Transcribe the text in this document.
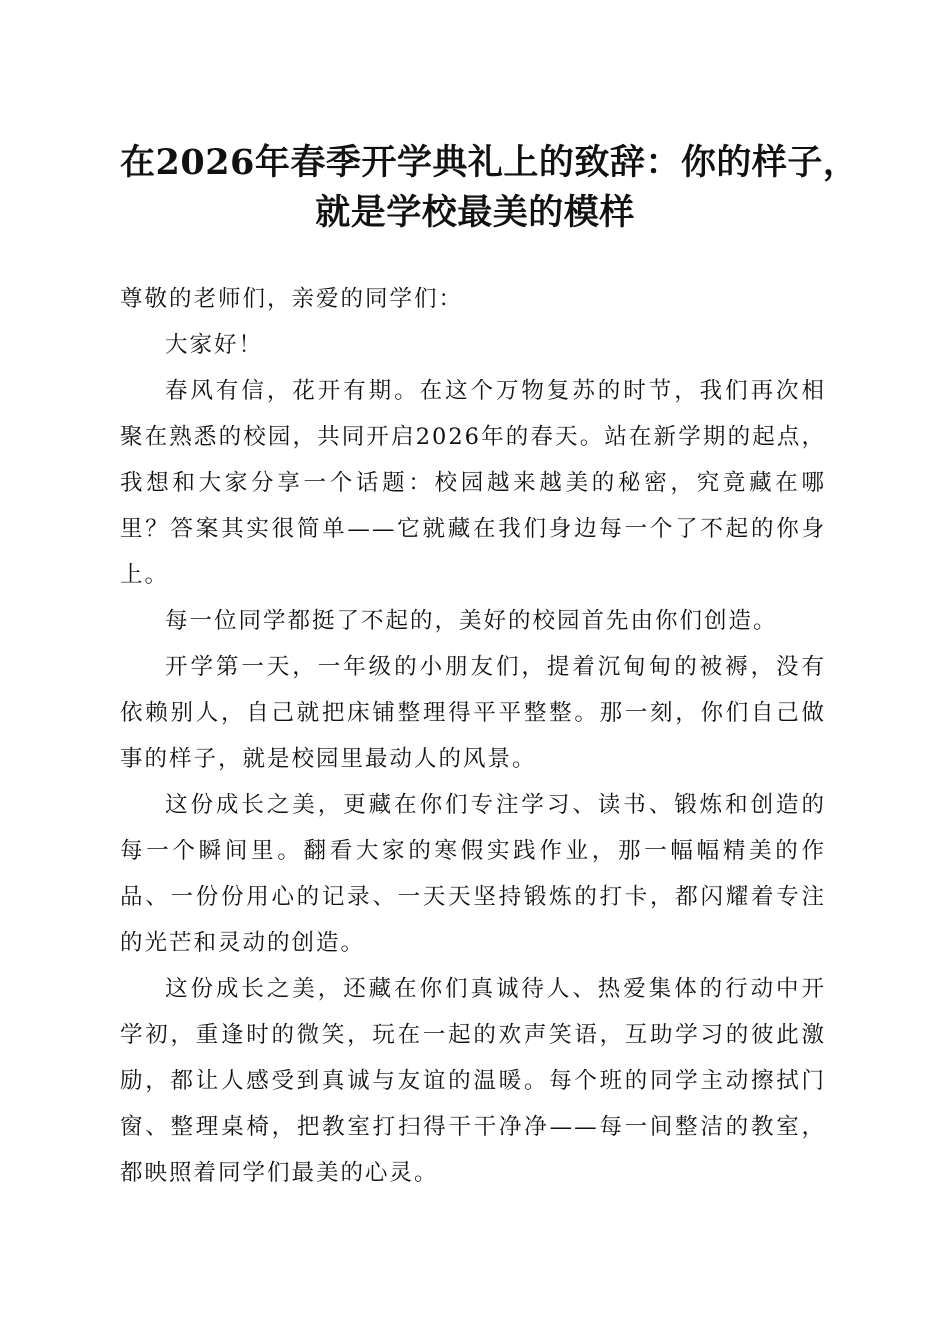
在2026年春季开学典礼上的致辞：你的样子，
就是学校最美的模样

尊敬的老师们，亲爱的同学们：

大家好！

春风有信，花开有期。在这个万物复苏的时节，我们再次相聚在熟悉的校园，共同开启2026年的春天。站在新学期的起点，我想和大家分享一个话题：校园越来越美的秘密，究竟藏在哪里？答案其实很简单——它就藏在我们身边每一个了不起的你身上。

每一位同学都挺了不起的，美好的校园首先由你们创造。

开学第一天，一年级的小朋友们，提着沉甸甸的被褥，没有依赖别人，自己就把床铺整理得平平整整。那一刻，你们自己做事的样子，就是校园里最动人的风景。

这份成长之美，更藏在你们专注学习、读书、锻炼和创造的每一个瞬间里。翻看大家的寒假实践作业，那一幅幅精美的作品、一份份用心的记录、一天天坚持锻炼的打卡，都闪耀着专注的光芒和灵动的创造。

这份成长之美，还藏在你们真诚待人、热爱集体的行动中开学初，重逢时的微笑，玩在一起的欢声笑语，互助学习的彼此激励，都让人感受到真诚与友谊的温暖。每个班的同学主动擦拭门窗、整理桌椅，把教室打扫得干干净净——每一间整洁的教室，都映照着同学们最美的心灵。
